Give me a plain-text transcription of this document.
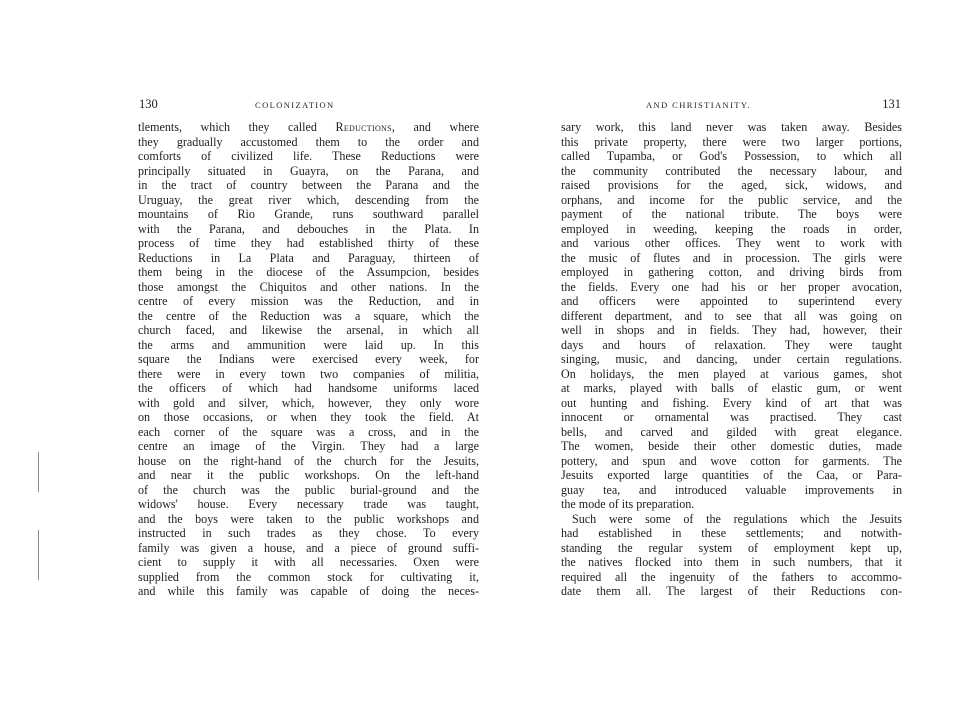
130	COLONIZATION
tlements, which they called Reductions, and where
they gradually accustomed them to the order and
comforts of civilized life. These Reductions were
principally situated in Guayra, on the Parana, and
in the tract of country between the Parana and the
Uruguay, the great river which, descending from the
mountains of Rio Grande, runs southward parallel
with the Parana, and debouches in the Plata. In
process of time they had established thirty of these
Reductions in La Plata and Paraguay, thirteen of
them being in the diocese of the Assumpcion, besides
those amongst the Chiquitos and other nations. In the
centre of every mission was the Reduction, and in
the centre of the Reduction was a square, which the
church faced, and likewise the arsenal, in which all
the arms and ammunition were laid up. In this
square the Indians were exercised every week, for
there were in every town two companies of militia,
the officers of which had handsome uniforms laced
with gold and silver, which, however, they only wore
on those occasions, or when they took the field. At
each corner of the square was a cross, and in the
centre an image of the Virgin. They had a large
house on the right-hand of the church for the Jesuits,
and near it the public workshops. On the left-hand
of the church was the public burial-ground and the
widows' house. Every necessary trade was taught,
and the boys were taken to the public workshops and
instructed in such trades as they chose. To every
family was given a house, and a piece of ground suffi-
cient to supply it with all necessaries. Oxen were
supplied from the common stock for cultivating it,
and while this family was capable of doing the neces-
AND CHRISTIANITY.	131
sary work, this land never was taken away. Besides
this private property, there were two larger portions,
called Tupamba, or God's Possession, to which all
the community contributed the necessary labour, and
raised provisions for the aged, sick, widows, and
orphans, and income for the public service, and the
payment of the national tribute. The boys were
employed in weeding, keeping the roads in order,
and various other offices. They went to work with
the music of flutes and in procession. The girls were
employed in gathering cotton, and driving birds from
the fields. Every one had his or her proper avocation,
and officers were appointed to superintend every
different department, and to see that all was going on
well in shops and in fields. They had, however, their
days and hours of relaxation. They were taught
singing, music, and dancing, under certain regulations.
On holidays, the men played at various games, shot
at marks, played with balls of elastic gum, or went
out hunting and fishing. Every kind of art that was
innocent or ornamental was practised. They cast
bells, and carved and gilded with great elegance.
The women, beside their other domestic duties, made
pottery, and spun and wove cotton for garments. The
Jesuits exported large quantities of the Caa, or Para-
guay tea, and introduced valuable improvements in
the mode of its preparation.
Such were some of the regulations which the Jesuits
had established in these settlements; and notwith-
standing the regular system of employment kept up,
the natives flocked into them in such numbers, that it
required all the ingenuity of the fathers to accommo-
date them all. The largest of their Reductions con-
